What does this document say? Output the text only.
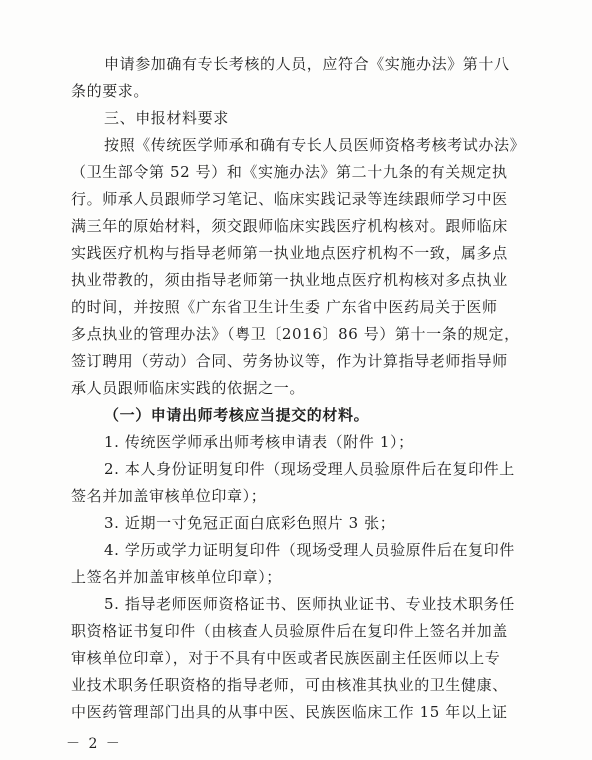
申请参加确有专长考核的人员，应符合《实施办法》第十八
条的要求。
三、申报材料要求
按照《传统医学师承和确有专长人员医师资格考核考试办法》
（卫生部令第 52 号）和《实施办法》第二十九条的有关规定执
行。师承人员跟师学习笔记、临床实践记录等连续跟师学习中医
满三年的原始材料，须交跟师临床实践医疗机构核对。跟师临床
实践医疗机构与指导老师第一执业地点医疗机构不一致，属多点
执业带教的，须由指导老师第一执业地点医疗机构核对多点执业
的时间，并按照《广东省卫生计生委 广东省中医药局关于医师
多点执业的管理办法》（粤卫〔2016〕86 号）第十一条的规定，
签订聘用（劳动）合同、劳务协议等，作为计算指导老师指导师
承人员跟师临床实践的依据之一。
（一）申请出师考核应当提交的材料。
1. 传统医学师承出师考核申请表（附件 1）；
2. 本人身份证明复印件（现场受理人员验原件后在复印件上
签名并加盖审核单位印章）；
3. 近期一寸免冠正面白底彩色照片 3 张；
4. 学历或学力证明复印件（现场受理人员验原件后在复印件
上签名并加盖审核单位印章）；
5. 指导老师医师资格证书、医师执业证书、专业技术职务任
职资格证书复印件（由核查人员验原件后在复印件上签名并加盖
审核单位印章），对于不具有中医或者民族医副主任医师以上专
业技术职务任职资格的指导老师，可由核准其执业的卫生健康、
中医药管理部门出具的从事中医、民族医临床工作 15 年以上证
－ 2 －
